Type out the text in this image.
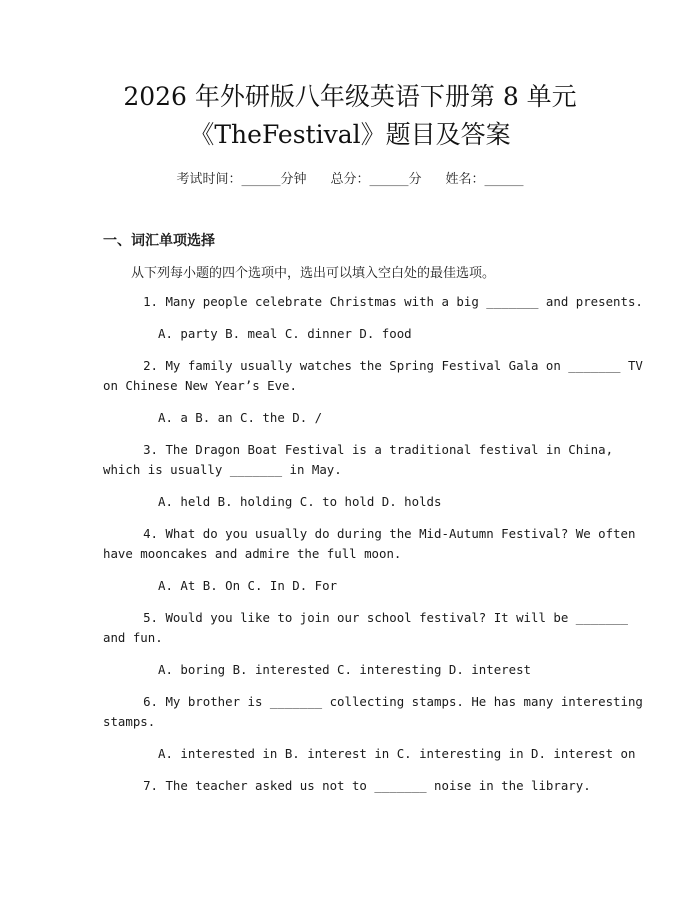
2026 年外研版八年级英语下册第 8 单元
《TheFestival》题目及答案
考试时间：______分钟 总分：______分 姓名：______
一、词汇单项选择
从下列每小题的四个选项中，选出可以填入空白处的最佳选项。
1. Many people celebrate Christmas with a big _______ and presents.
A. party B. meal C. dinner D. food
2. My family usually watches the Spring Festival Gala on _______ TV
on Chinese New Year’s Eve.
A. a B. an C. the D. /
3. The Dragon Boat Festival is a traditional festival in China,
which is usually _______ in May.
A. held B. holding C. to hold D. holds
4. What do you usually do during the Mid-Autumn Festival? We often
have mooncakes and admire the full moon.
A. At B. On C. In D. For
5. Would you like to join our school festival? It will be _______
and fun.
A. boring B. interested C. interesting D. interest
6. My brother is _______ collecting stamps. He has many interesting
stamps.
A. interested in B. interest in C. interesting in D. interest on
7. The teacher asked us not to _______ noise in the library.
